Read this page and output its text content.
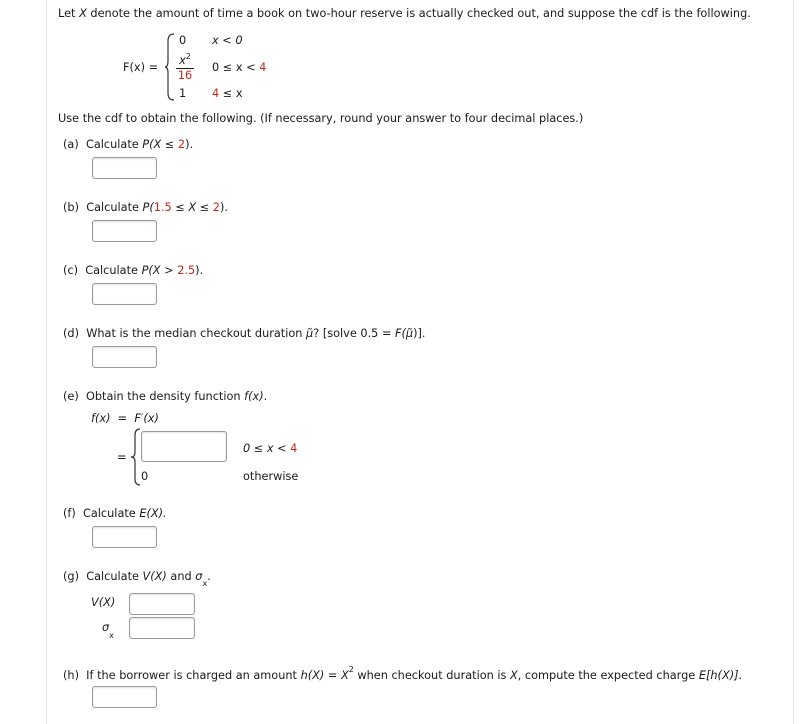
Let X denote the amount of time a book on two-hour reserve is actually checked out, and suppose the cdf is the following.
F(x) =
0 x < 0
$x^2$
16
0 ≤ x < 4
1 4 ≤ x
Use the cdf to obtain the following. (If necessary, round your answer to four decimal places.)
(a) Calculate P(X ≤ 2).
(b) Calculate P(1.5 ≤ X ≤ 2).
(c) Calculate P(X > 2.5).
(d) What is the median checkout duration μ̃? [solve 0.5 = F(μ̃)].
(e) Obtain the density function f(x).
f(x) = F′(x)
=
0
0 ≤ x < 4
otherwise
(f) Calculate E(X).
(g) Calculate V(X) and $\sigma_x$.
V(X)
$\sigma_x$
(h) If the borrower is charged an amount $h(X) = X^2$ when checkout duration is X, compute the expected charge E[h(X)].
